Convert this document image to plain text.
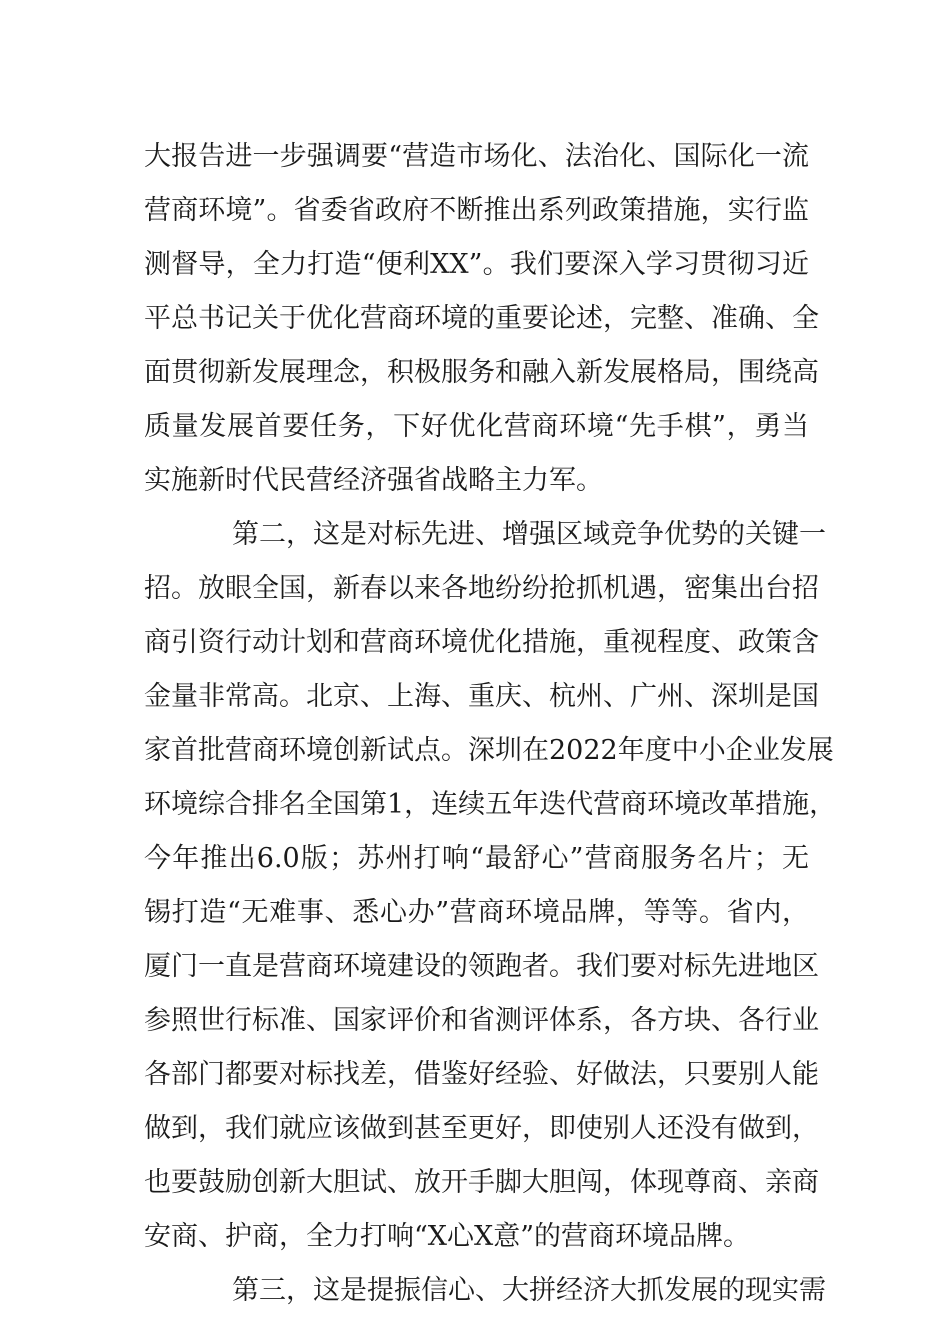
大报告进一步强调要“营造市场化、法治化、国际化一流
营商环境”。省委省政府不断推出系列政策措施，实行监
测督导，全力打造“便利XX”。我们要深入学习贯彻习近
平总书记关于优化营商环境的重要论述，完整、准确、全
面贯彻新发展理念，积极服务和融入新发展格局，围绕高
质量发展首要任务，下好优化营商环境“先手棋”，勇当
实施新时代民营经济强省战略主力军。
第二，这是对标先进、增强区域竞争优势的关键一
招。放眼全国，新春以来各地纷纷抢抓机遇，密集出台招
商引资行动计划和营商环境优化措施，重视程度、政策含
金量非常高。北京、上海、重庆、杭州、广州、深圳是国
家首批营商环境创新试点。深圳在2022年度中小企业发展
环境综合排名全国第1，连续五年迭代营商环境改革措施，
今年推出6.0版；苏州打响“最舒心”营商服务名片；无
锡打造“无难事、悉心办”营商环境品牌，等等。省内，
厦门一直是营商环境建设的领跑者。我们要对标先进地区
参照世行标准、国家评价和省测评体系，各方块、各行业
各部门都要对标找差，借鉴好经验、好做法，只要别人能
做到，我们就应该做到甚至更好，即使别人还没有做到，
也要鼓励创新大胆试、放开手脚大胆闯，体现尊商、亲商
安商、护商，全力打响“X心X意”的营商环境品牌。
第三，这是提振信心、大拼经济大抓发展的现实需
